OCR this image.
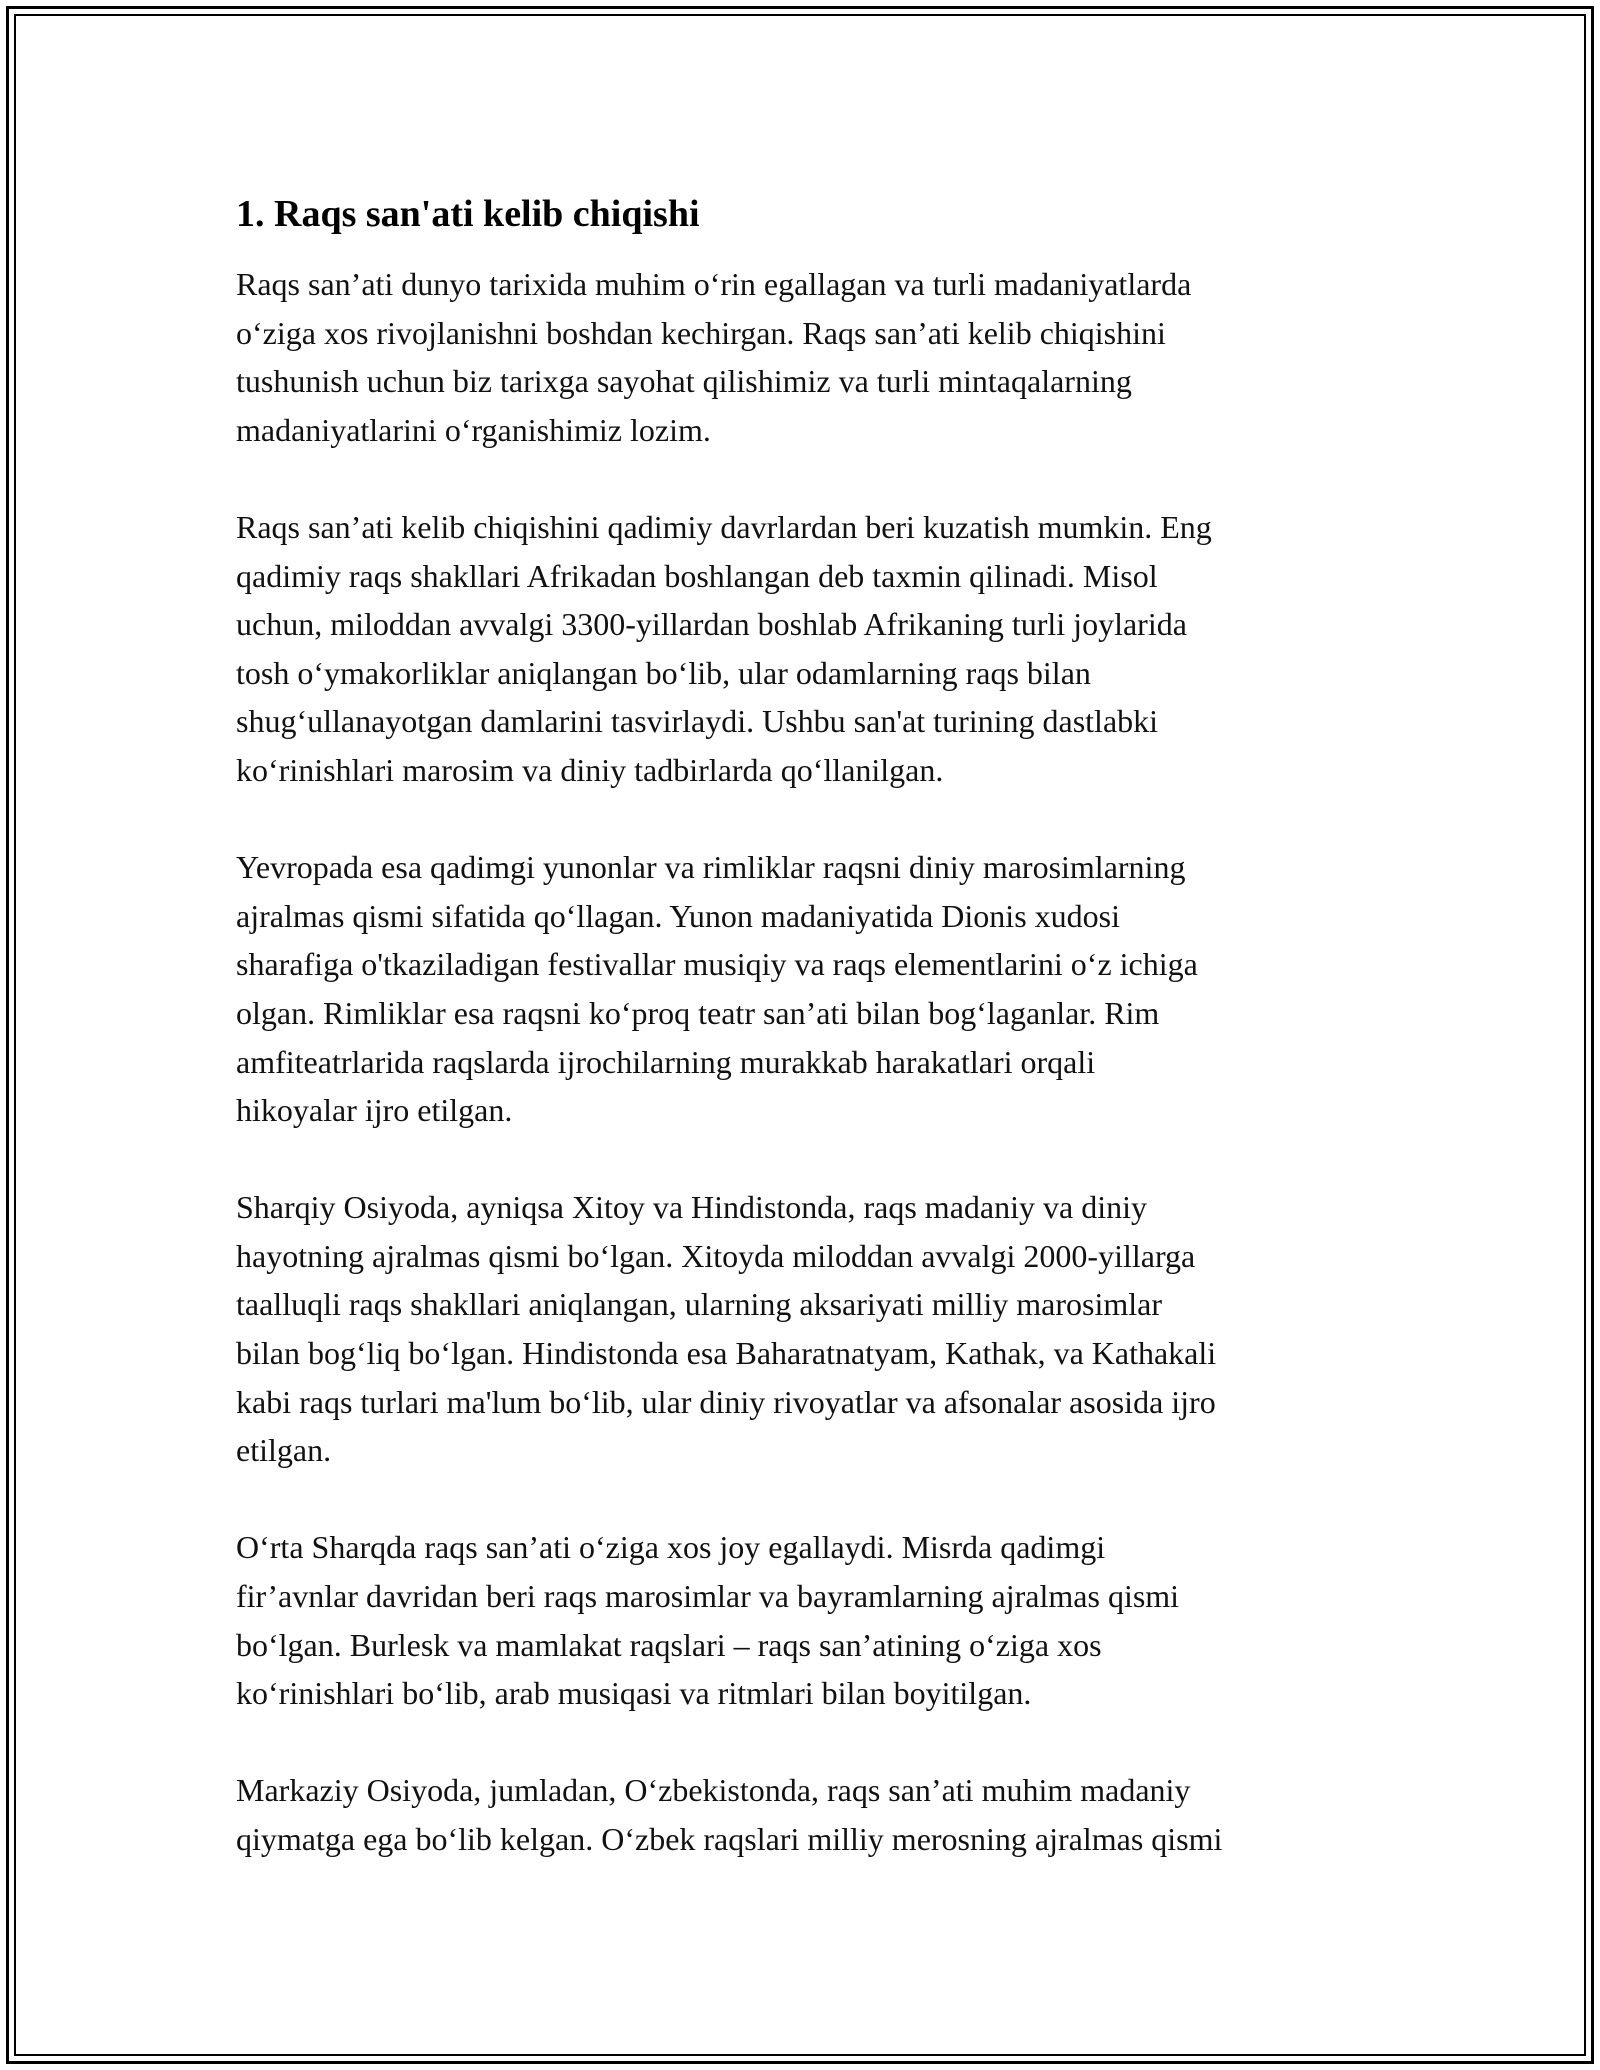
1. Raqs san'ati kelib chiqishi

Raqs san’ati dunyo tarixida muhim o‘rin egallagan va turli madaniyatlarda
o‘ziga xos rivojlanishni boshdan kechirgan. Raqs san’ati kelib chiqishini
tushunish uchun biz tarixga sayohat qilishimiz va turli mintaqalarning
madaniyatlarini o‘rganishimiz lozim.

Raqs san’ati kelib chiqishini qadimiy davrlardan beri kuzatish mumkin. Eng
qadimiy raqs shakllari Afrikadan boshlangan deb taxmin qilinadi. Misol
uchun, miloddan avvalgi 3300-yillardan boshlab Afrikaning turli joylarida
tosh o‘ymakorliklar aniqlangan bo‘lib, ular odamlarning raqs bilan
shug‘ullanayotgan damlarini tasvirlaydi. Ushbu san'at turining dastlabki
ko‘rinishlari marosim va diniy tadbirlarda qo‘llanilgan.

Yevropada esa qadimgi yunonlar va rimliklar raqsni diniy marosimlarning
ajralmas qismi sifatida qo‘llagan. Yunon madaniyatida Dionis xudosi
sharafiga o'tkaziladigan festivallar musiqiy va raqs elementlarini o‘z ichiga
olgan. Rimliklar esa raqsni ko‘proq teatr san’ati bilan bog‘laganlar. Rim
amfiteatrlarida raqslarda ijrochilarning murakkab harakatlari orqali
hikoyalar ijro etilgan.

Sharqiy Osiyoda, ayniqsa Xitoy va Hindistonda, raqs madaniy va diniy
hayotning ajralmas qismi bo‘lgan. Xitoyda miloddan avvalgi 2000-yillarga
taalluqli raqs shakllari aniqlangan, ularning aksariyati milliy marosimlar
bilan bog‘liq bo‘lgan. Hindistonda esa Baharatnatyam, Kathak, va Kathakali
kabi raqs turlari ma'lum bo‘lib, ular diniy rivoyatlar va afsonalar asosida ijro
etilgan.

O‘rta Sharqda raqs san’ati o‘ziga xos joy egallaydi. Misrda qadimgi
fir’avnlar davridan beri raqs marosimlar va bayramlarning ajralmas qismi
bo‘lgan. Burlesk va mamlakat raqslari – raqs san’atining o‘ziga xos
ko‘rinishlari bo‘lib, arab musiqasi va ritmlari bilan boyitilgan.

Markaziy Osiyoda, jumladan, O‘zbekistonda, raqs san’ati muhim madaniy
qiymatga ega bo‘lib kelgan. O‘zbek raqslari milliy merosning ajralmas qismi
